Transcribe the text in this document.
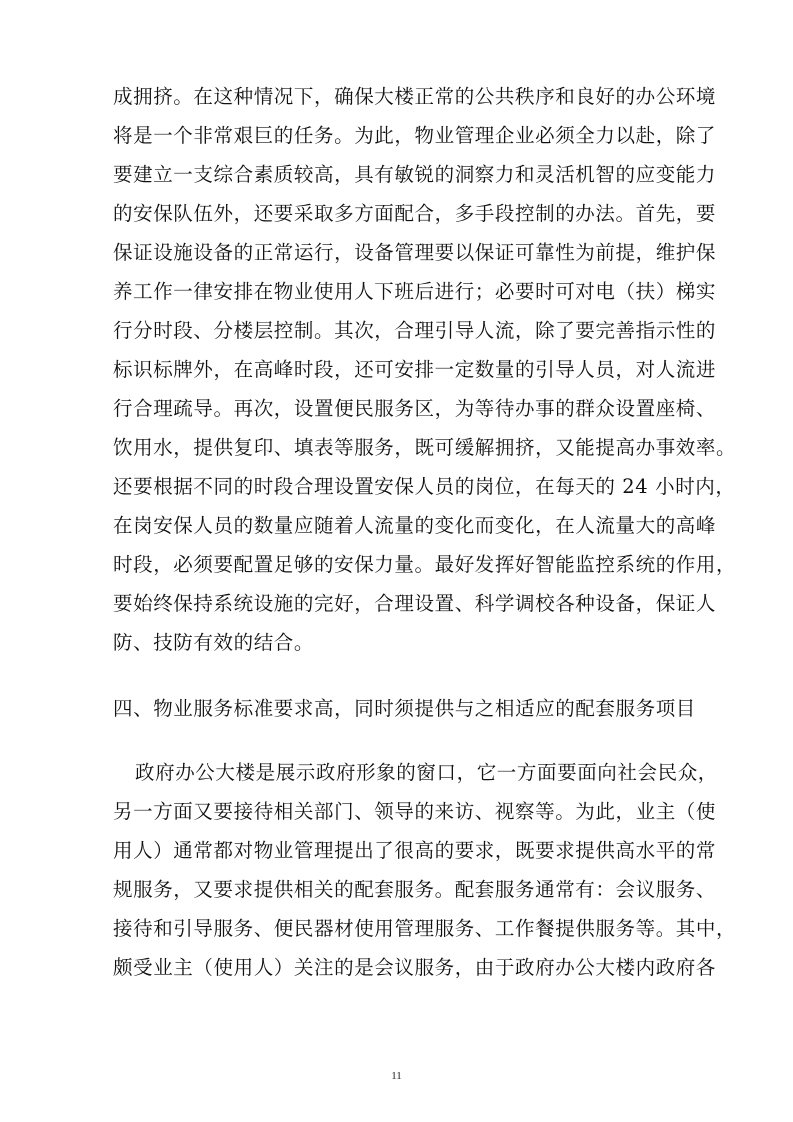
成拥挤。在这种情况下，确保大楼正常的公共秩序和良好的办公环境
将是一个非常艰巨的任务。为此，物业管理企业必须全力以赴，除了
要建立一支综合素质较高，具有敏锐的洞察力和灵活机智的应变能力
的安保队伍外，还要采取多方面配合，多手段控制的办法。首先，要
保证设施设备的正常运行，设备管理要以保证可靠性为前提，维护保
养工作一律安排在物业使用人下班后进行；必要时可对电（扶）梯实
行分时段、分楼层控制。其次，合理引导人流，除了要完善指示性的
标识标牌外，在高峰时段，还可安排一定数量的引导人员，对人流进
行合理疏导。再次，设置便民服务区，为等待办事的群众设置座椅、
饮用水，提供复印、填表等服务，既可缓解拥挤，又能提高办事效率。
还要根据不同的时段合理设置安保人员的岗位，在每天的 24 小时内，
在岗安保人员的数量应随着人流量的变化而变化，在人流量大的高峰
时段，必须要配置足够的安保力量。最好发挥好智能监控系统的作用，
要始终保持系统设施的完好，合理设置、科学调校各种设备，保证人
防、技防有效的结合。
四、物业服务标准要求高，同时须提供与之相适应的配套服务项目
政府办公大楼是展示政府形象的窗口，它一方面要面向社会民众，
另一方面又要接待相关部门、领导的来访、视察等。为此，业主（使
用人）通常都对物业管理提出了很高的要求，既要求提供高水平的常
规服务，又要求提供相关的配套服务。配套服务通常有：会议服务、
接待和引导服务、便民器材使用管理服务、工作餐提供服务等。其中，
颇受业主（使用人）关注的是会议服务，由于政府办公大楼内政府各
11
